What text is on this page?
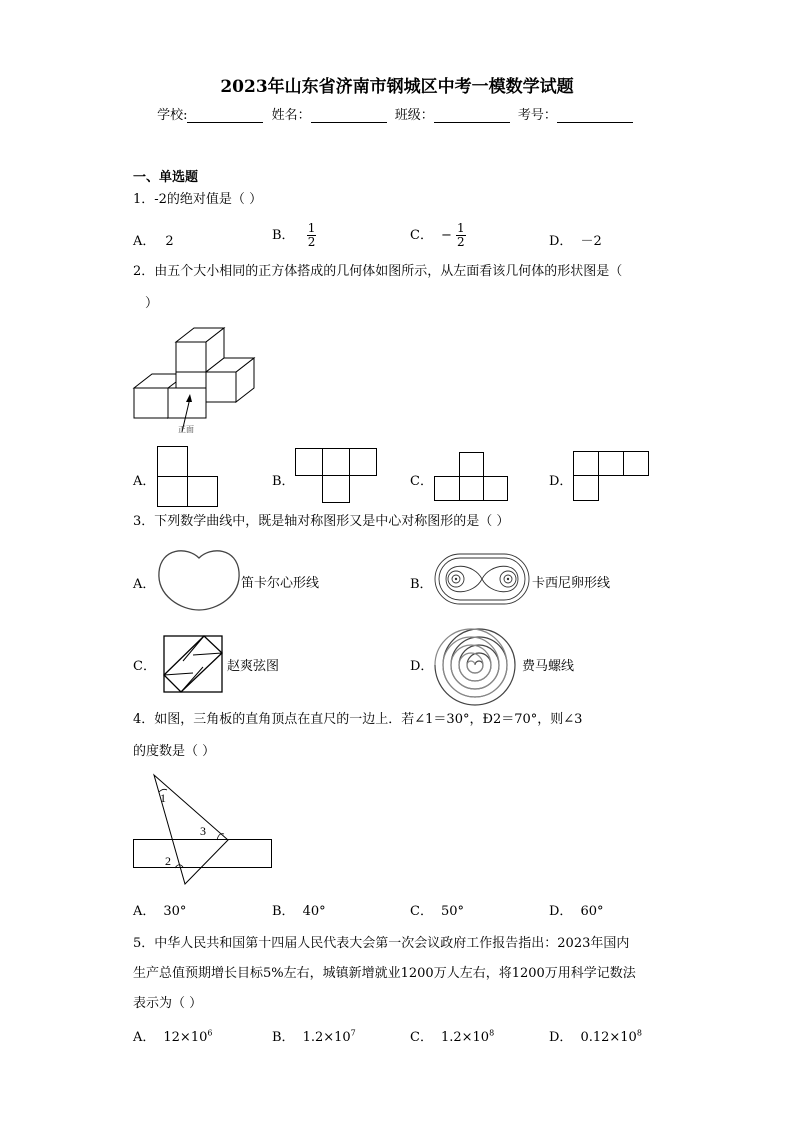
2023年山东省济南市钢城区中考一模数学试题
学校:	姓名：	班级：	考号：
一、单选题
1．-2的绝对值是（ ）
A． 2	B． $\frac{1}{2}$	C． − $\frac{1}{2}$	D． －2
2．由五个大小相同的正方体搭成的几何体如图所示，从左面看该几何体的形状图是（
）
正面
A．	B．	C．	D．
3．下列数学曲线中，既是轴对称图形又是中心对称图形的是（ ）
A．	笛卡尔心形线	B．	卡西尼卵形线
C．	赵爽弦图	D．	费马螺线
4．如图，三角板的直角顶点在直尺的一边上．若∠1＝30°，Ð2＝70°，则∠3
的度数是（ ）
1
2
3
A． 30°	B． 40°	C． 50°	D． 60°
5．中华人民共和国第十四届人民代表大会第一次会议政府工作报告指出：2023年国内
生产总值预期增长目标5%左右，城镇新增就业1200万人左右，将1200万用科学记数法
表示为（ ）
A． $12\times 10^6$	B． $1.2\times 10^7$	C． $1.2\times 10^8$	D． $0.12\times 10^8$
